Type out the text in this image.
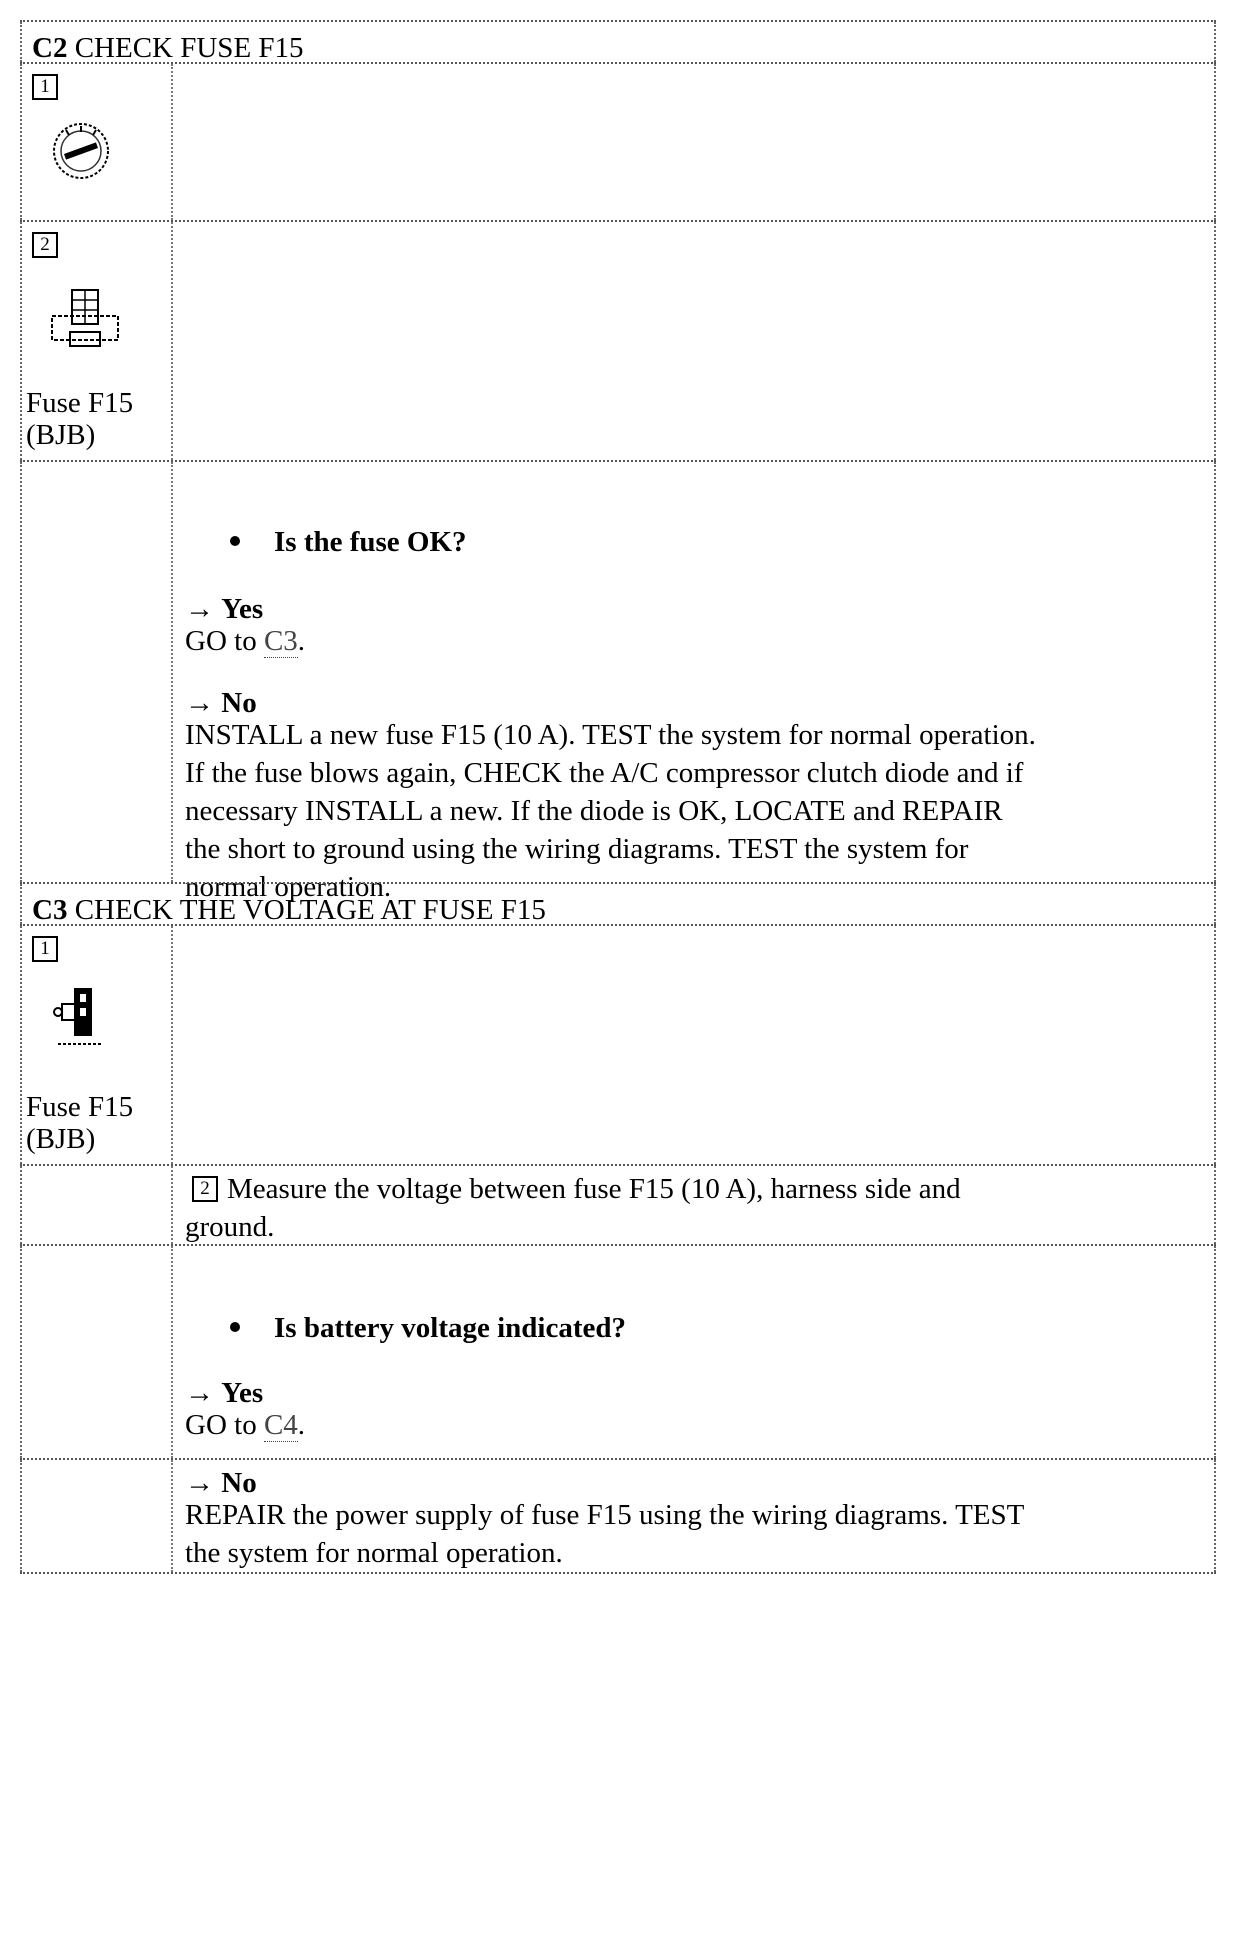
C2 CHECK FUSE F15
1
2
Fuse F15
(BJB)
Is the fuse OK?
→ Yes
GO to C3.
→ No
INSTALL a new fuse F15 (10 A). TEST the system for normal operation.
If the fuse blows again, CHECK the A/C compressor clutch diode and if
necessary INSTALL a new. If the diode is OK, LOCATE and REPAIR
the short to ground using the wiring diagrams. TEST the system for
normal operation.
C3 CHECK THE VOLTAGE AT FUSE F15
1
Fuse F15
(BJB)
2 Measure the voltage between fuse F15 (10 A), harness side and
ground.
Is battery voltage indicated?
→ Yes
GO to C4.
→ No
REPAIR the power supply of fuse F15 using the wiring diagrams. TEST
the system for normal operation.
